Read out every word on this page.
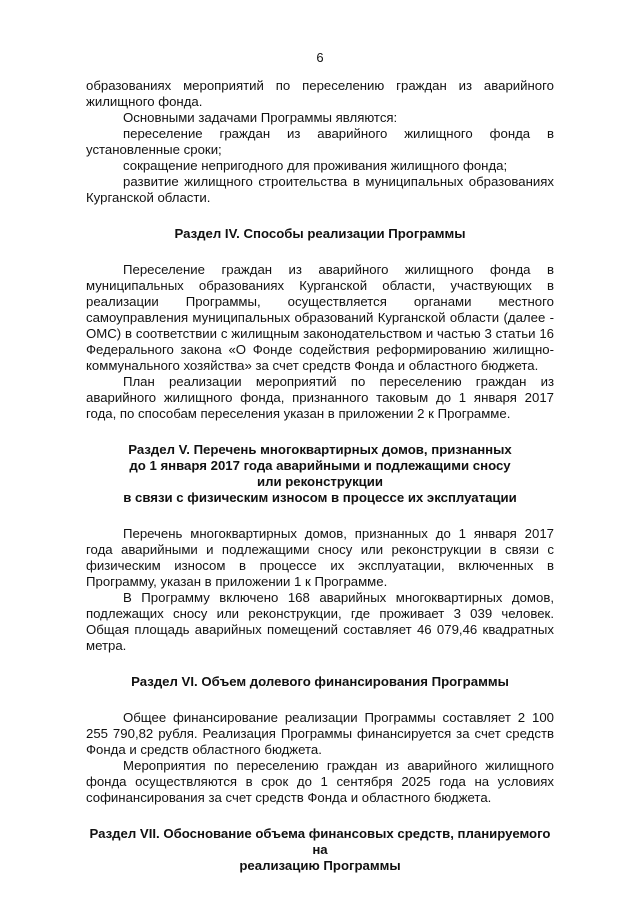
6

образованиях мероприятий по переселению граждан из аварийного жилищного фонда.

Основными задачами Программы являются:

переселение граждан из аварийного жилищного фонда в установленные сроки;

сокращение непригодного для проживания жилищного фонда;

развитие жилищного строительства в муниципальных образованиях Курганской области.

Раздел IV. Способы реализации Программы

Переселение граждан из аварийного жилищного фонда в муниципальных образованиях Курганской области, участвующих в реализации Программы, осуществляется органами местного самоуправления муниципальных образований Курганской области (далее - ОМС) в соответствии с жилищным законодательством и частью 3 статьи 16 Федерального закона «О Фонде содействия реформированию жилищно-коммунального хозяйства» за счет средств Фонда и областного бюджета.

План реализации мероприятий по переселению граждан из аварийного жилищного фонда, признанного таковым до 1 января 2017 года, по способам переселения указан в приложении 2 к Программе.

Раздел V. Перечень многоквартирных домов, признанных
до 1 января 2017 года аварийными и подлежащими сносу
или реконструкции
в связи с физическим износом в процессе их эксплуатации

Перечень многоквартирных домов, признанных до 1 января 2017 года аварийными и подлежащими сносу или реконструкции в связи с физическим износом в процессе их эксплуатации, включенных в Программу, указан в приложении 1 к Программе.

В Программу включено 168 аварийных многоквартирных домов, подлежащих сносу или реконструкции, где проживает 3 039 человек. Общая площадь аварийных помещений составляет 46 079,46 квадратных метра.

Раздел VI. Объем долевого финансирования Программы

Общее финансирование реализации Программы составляет 2 100 255 790,82 рубля. Реализация Программы финансируется за счет средств Фонда и средств областного бюджета.

Мероприятия по переселению граждан из аварийного жилищного фонда осуществляются в срок до 1 сентября 2025 года на условиях софинансирования за счет средств Фонда и областного бюджета.

Раздел VII. Обоснование объема финансовых средств, планируемого на
реализацию Программы
